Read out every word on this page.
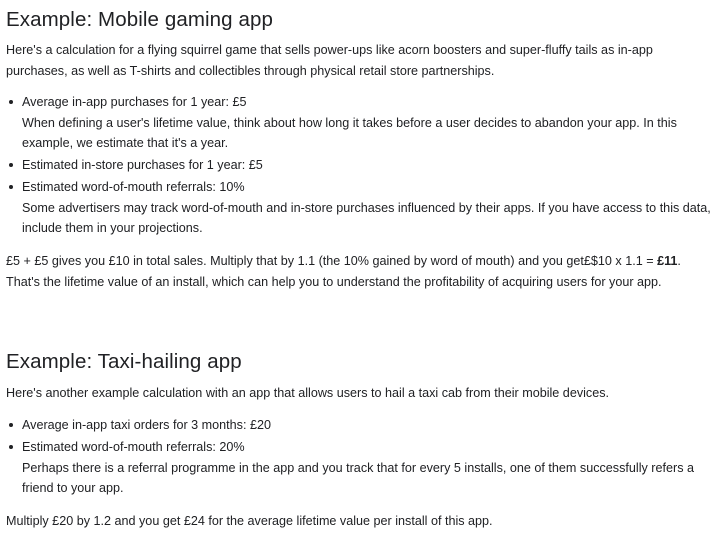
Example: Mobile gaming app

Here's a calculation for a flying squirrel game that sells power-ups like acorn boosters and super-fluffy tails as in-app purchases, as well as T-shirts and collectibles through physical retail store partnerships.

Average in-app purchases for 1 year: £5
When defining a user's lifetime value, think about how long it takes before a user decides to abandon your app. In this example, we estimate that it's a year.
Estimated in-store purchases for 1 year: £5
Estimated word-of-mouth referrals: 10%
Some advertisers may track word-of-mouth and in-store purchases influenced by their apps. If you have access to this data, include them in your projections.

£5 + £5 gives you £10 in total sales. Multiply that by 1.1 (the 10% gained by word of mouth) and you get£$10 x 1.1 = £11.
That's the lifetime value of an install, which can help you to understand the profitability of acquiring users for your app.

Example: Taxi-hailing app

Here's another example calculation with an app that allows users to hail a taxi cab from their mobile devices.

Average in-app taxi orders for 3 months: £20
Estimated word-of-mouth referrals: 20%
Perhaps there is a referral programme in the app and you track that for every 5 installs, one of them successfully refers a friend to your app.

Multiply £20 by 1.2 and you get £24 for the average lifetime value per install of this app.
